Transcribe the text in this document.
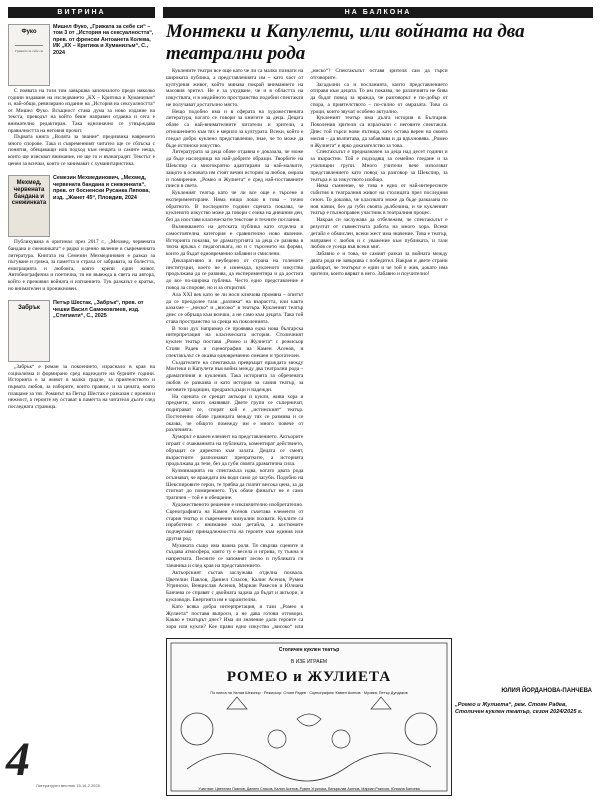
ВИТРИНА	НА БАЛКОНА
Фуко
Грижата за себе си
Мишел Фуко, „Грижата за себе си“ – том 3 от „История на сексуалността“, прев. от френски Антоанета Колева, ИК „КХ – Критика и Хуманизъм“, С., 2024

С появата на този том завършва започналото преди няколко години издаване на изследването „КХ – Критика и Хуманизъм“ и, най-общо, ревизирано издание на „История на сексуалността“ от Мишел Фуко. Всъщност става дума за ново издание на текста, преводът на който беше направен отдавна и сега е внимателно редактиран. Така еднозначно се утвърждава правилността на неговия прочит.

Първата книга „Волята за знание“ предизвика навремето много спорове. Така и съвременният читател ще се сблъска с понятия, обещаващи нов подход към нещата и самите неща, които ще изискват внимание, но ще го и възнаградят. Текстът е ценен за всички, които се занимават с хуманитаристика.

Мехмед, червената бандана и снежинката
Семезин Мехмединович, „Мехмед, червената бандана и снежинката“, прев. от босненски Русанка Ляпова, изд. „Жанет 45“, Пловдив, 2024

Публикувана в оригинал през 2017 г., „Мехмед, червената бандана и снежинката“ е рядко и ценно явление в съвременната литература. Книгата на Семезин Мехмединович е разказ за пътуване и грижа, за паметта и страха от забравата, за болестта, емиграцията и любовта, която крепи един живот. Автобиографична и поетична, тя ни въвежда в света на автора, който е преживял войната и изгнанието. Тук разказът е кратък, но внимателен и проникновен.

Забрък
Петър Шестак, „Забрък“, прев. от чешки Васил Самоковлиев, изд. „Стигмати“, С., 2025

„Забрък“ е роман за покоението, израснало в края на социализма и формирано сред надеждите на бурните години. Историята е за живот в малко градче, за приятелството и първата любов, за изборите, които правим, и за цената, която плащаме за тях. Романът на Петър Шестак е разказан с ирония и нежност, а героите му остават в паметта на читателя дълго след последната страница.

Монтеки и Капулети, или войната на два театрални рода

Куклените театри все още като че ли са малко познати на широката публика, а представленията им – като част от културния живот, който минава покрай вниманието на масовия зрител. Не е за учудване, че и в областта на изкуствата, и в медийното пространство подобни спектакли не получават достатъчно място.

Нещо подобно има и в сферата на художествената литература, когато се говори за книгите за деца. Децата обаче са най-внимателните читатели и зрители, а отношението към тях е мерило за културата. Всеки, който е гледал добро куклено представление, знае, че то може да бъде истинско изкуство.

Литературата за деца обаче отдавна е доказала, че може да бъде наследница на най-добрите образци. Творбите на Шекспир са многократно адаптирани за най-малките, защото в основата им стоят вечни истории за любов, омраза и помирение. „Ромео и Жулиета“ е сред най-поставяните пиеси в света.

Кукленият театър като че ли все още е търсене и експериментиране. Няма нищо лошо в това – точно обратното. В последните години сцената показва, че кукленото изкуство може да говори с езика на днешния ден, без да изоставя класическите текстове и техните послания.

Възникването на детската публика като отделна и самостоятелна категория е сравнително ново явление. Историята показва, че драматургията за деца се развива в тясна връзка с педагогиката, но и с търсенето на форми, които да бъдат едновременно забавни и смислени.

Декларативно и неубедено от страна на големите институции, което не е изненада, кукленото изкуство продължава да се развива, да експериментира и да достига до все по-широка публика. Често едно представление е повод за спорове, но и за открития.

Ала XXI век като че ли носи ключова промяна – опитът да се преодолее тази „разлика“ на възрастта, или както казахме – „ниско“ и „високо“ в театъра. Кукленият театър днес се обръща към всички, а не само към децата. Така той става пространство за среща на поколенията.

В този дух например се проявява една нова българска интерпретация на класическата история. Столичният куклен театър поставя „Ромео и Жулиета“ с режисьор Стоян Радев и сценография на Камен Асенов, и спектакълът се оказва едновременно смешен и трогателен.

Създателите на спектакъла превръщат враждата между Монтеки и Капулети във война между два театрални рода – драматичния и кукления. Така историята за обречената любов се разказва и като история за самия театър, за неговите традиции, предразсъдъци и надежди.

На сцената се срещат актьори и кукли, живи хора и предмети, които оживяват. Двете групи се съперничат, подиграват се, спорят кой е „истинският“ театър. Постепенно обаче границата между тях се размива и се оказва, че общото помежду им е много повече от различията.

Хуморът е важен елемент на представлението. Актьорите играят с очакванията на публиката, коментират действието, обръщат се директно към залата. Децата се смеят, възрастните разпознават препратките, а историята продължава да тече, без да губи своята драматична сила.

Кулминацията на спектакъла идва, когато двата рода осъзнават, че враждата им води само до загуби. Подобно на Шекспировите герои, те трябва да платят висока цена, за да стигнат до помирението. Тук обаче финалът не е само трагичен – той е и обещание.

Художественото решение е изключително изобретателно. Сценографията на Камен Асенов съчетава елементи от стария театър и съвременни визуални похвати. Куклите са изработени с внимание към детайла, а костюмите подчертават принадлежността на героите към единия или другия род.

Музиката също има важна роля. Тя свързва сцените и създава атмосфера, която ту е весела и игрива, ту тъжна и напрегната. Песните се запомнят лесно и публиката ги тананика и след края на представлението.

Актьорският състав заслужава отделна похвала. Цветелин Павлов, Даниел Спасов, Калин Асенов, Румен Угрински, Венцислав Асенов, Мариан Ракесов и Юлиана Банчева се справят с двойната задача да бъдат и актьори, и кукловоди. Енергията им е заразителна.

Като всяка добра интерпретация, и тази „Ромео и Жулиета“ поставя въпроси, а не дава готови отговори. Какво е театърът днес? Има ли значение дали героите са хора или кукли? Кое прави едно изкуство „високо“ или „ниско“? Спектакълът оставя зрителя сам да търси отговорите.

Загадъчни са и посланията, които представлението отправя към децата. То им показва, че различията не бива да бъдат повод за вражда, че разговорът е по-добър от спора, а приятелството – по-силно от омразата. Това са уроци, които звучат особено актуално.

Кукленият театър има дълга история в България. Поколения зрители са израснали с неговите спектакли. Днес той търси нови пътища, като остава верен на своята мисия – да възпитава, да забавлява и да вдъхновява. „Ромео и Жулиета“ е ярко доказателство за това.

Спектакълът е предназначен за деца над десет години и за възрастни. Той е подходящ за семейно гледане и за училищни групи. Много учители вече използват представлението като повод за разговор за Шекспир, за театъра и за изкуството изобщо.

Няма съмнение, че това е едно от най-интересните събития в театралния живот на столицата през последния сезон. То доказва, че класиката може да бъде разказана по нов начин, без да губи своята дълбочина, и че кукленият театър е пълноправен участник в театралния процес.

Накрая си заслужава да отбележим, че спектакълът е резултат от съвместната работа на много хора. Всеки детайл е обмислен, всеки жест има значение. Това е театър, направен с любов и с уважение към публиката, и тази любов се усеща във всеки миг.

Забавно е и това, че самият разказ за войната между двата рода не завършва с победител. Накрая и двете страни разбират, че театърът е един и че той е жив, докато има зрители, които вярват в него. Забавно и поучително!

Столичен куклен театър
В ИЗЕ ИГРАЕМ
РОМЕО и ЖУЛИЕТА
По пиеса на Уилям Шекспир · Режисьор: Стоян Радев · Сценография: Камен Асенов · Музика: Петър Дундаков
Участват: Цветелин Павлов, Даниел Спасов, Калин Асенов, Румен Угрински, Венцислав Асенов, Мариан Ракесов, Юлиана Банчева
ЮЛИЯ ЙОРДАНОВА-ПАНЧЕВА
„Ромео и Жулиета“, реж. Стоян Радев, Столичен куклен театър, сезон 2024/2025 г.
4 Литературен вестник 15-16.2.2025
